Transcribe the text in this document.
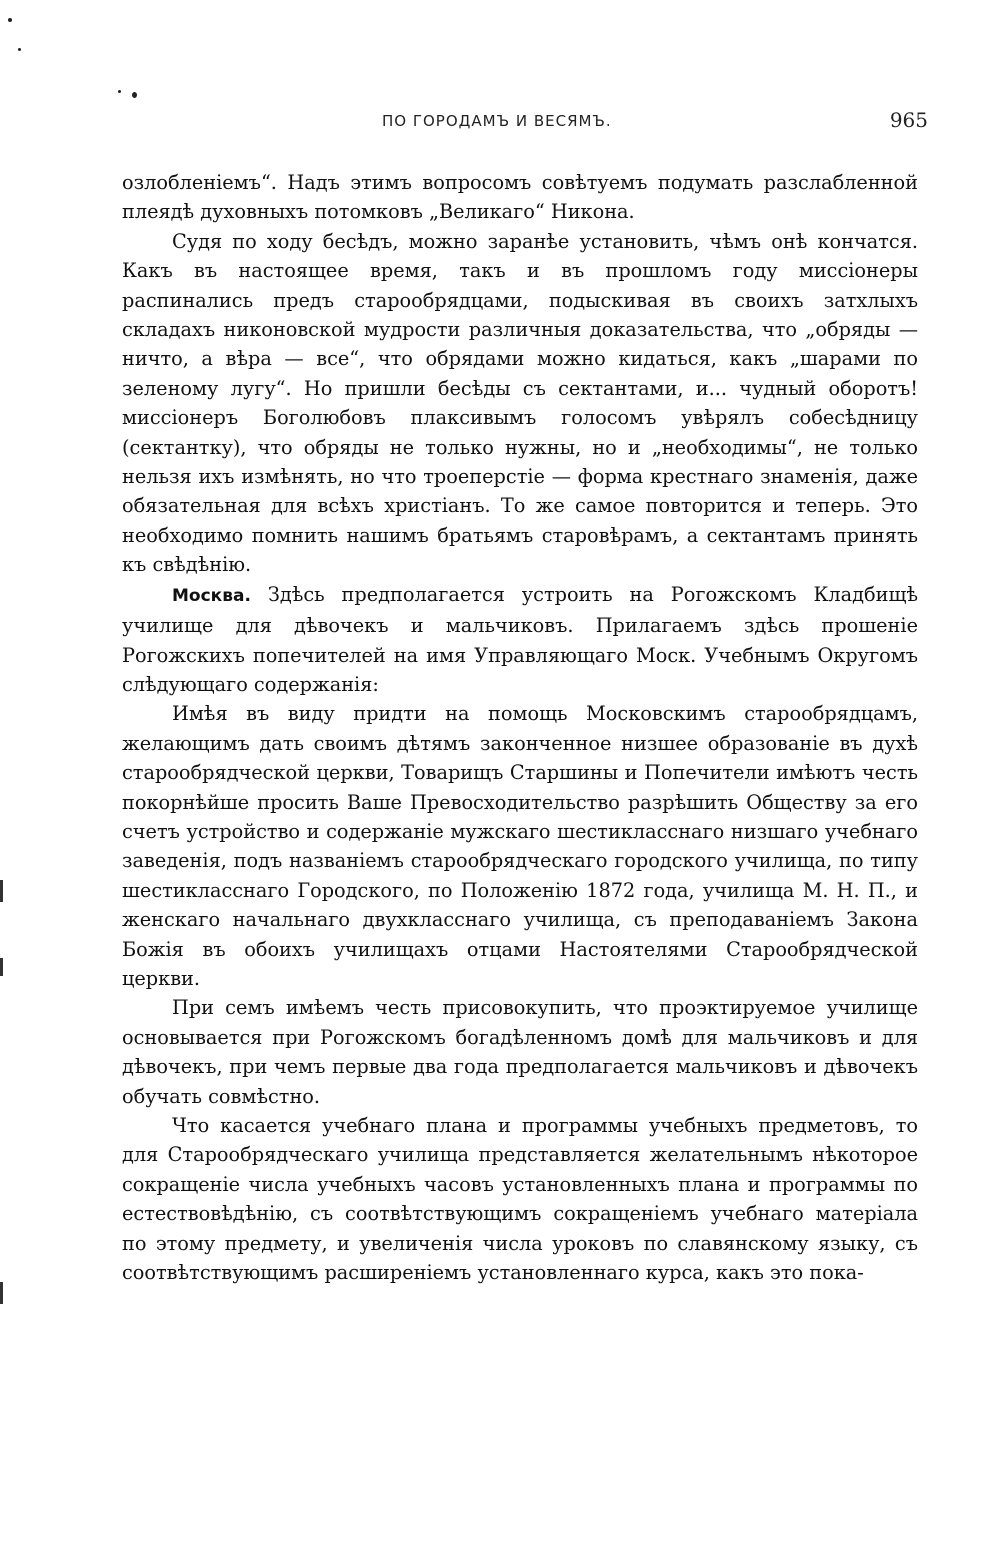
ПО ГОРОДАМЪ И ВЕСЯМЪ.	965

озлобленіемъ“. Надъ этимъ вопросомъ совѣтуемъ подумать разслабленной плеядѣ духовныхъ потомковъ „Великаго“ Никона.

Судя по ходу бесѣдъ, можно заранѣе установить, чѣмъ онѣ кончатся. Какъ въ настоящее время, такъ и въ прошломъ году миссіонеры распинались предъ старообрядцами, подыскивая въ своихъ затхлыхъ складахъ никоновской мудрости различныя доказательства, что „обряды — ничто, а вѣра — все“, что обрядами можно кидаться, какъ „шарами по зеленому лугу“. Но пришли бесѣды съ сектантами, и... чудный оборотъ! миссіонеръ Боголюбовъ плаксивымъ голосомъ увѣрялъ собесѣдницу (сектантку), что обряды не только нужны, но и „необходимы“, не только нельзя ихъ измѣнять, но что троеперстіе — форма крестнаго знаменія, даже обязательная для всѣхъ христіанъ. То же самое повторится и теперь. Это необходимо помнить нашимъ братьямъ старовѣрамъ, а сектантамъ принять къ свѣдѣнію.

Москва. Здѣсь предполагается устроить на Рогожскомъ Кладбищѣ училище для дѣвочекъ и мальчиковъ. Прилагаемъ здѣсь прошеніе Рогожскихъ попечителей на имя Управляющаго Моск. Учебнымъ Округомъ слѣдующаго содержанія:

Имѣя въ виду придти на помощь Московскимъ старообрядцамъ, желающимъ дать своимъ дѣтямъ законченное низшее образованіе въ духѣ старообрядческой церкви, Товарищъ Старшины и Попечители имѣютъ честь покорнѣйше просить Ваше Превосходительство разрѣшить Обществу за его счетъ устройство и содержаніе мужскаго шестикласснаго низшаго учебнаго заведенія, подъ названіемъ старообрядческаго городского училища, по типу шестикласснаго Городского, по Положенію 1872 года, училища М. Н. П., и женскаго начальнаго двухкласснаго училища, съ преподаваніемъ Закона Божія въ обоихъ училищахъ отцами Настоятелями Старообрядческой церкви.

При семъ имѣемъ честь присовокупить, что проэктируемое училище основывается при Рогожскомъ богадѣленномъ домѣ для мальчиковъ и для дѣвочекъ, при чемъ первые два года предполагается мальчиковъ и дѣвочекъ обучать совмѣстно.

Что касается учебнаго плана и программы учебныхъ предметовъ, то для Старообрядческаго училища представляется желательнымъ нѣкоторое сокращеніе числа учебныхъ часовъ установленныхъ плана и программы по естествовѣдѣнію, съ соотвѣтствующимъ сокращеніемъ учебнаго матеріала по этому предмету, и увеличенія числа уроковъ по славянскому языку, съ соотвѣтствующимъ расширеніемъ установленнаго курса, какъ это пока-
